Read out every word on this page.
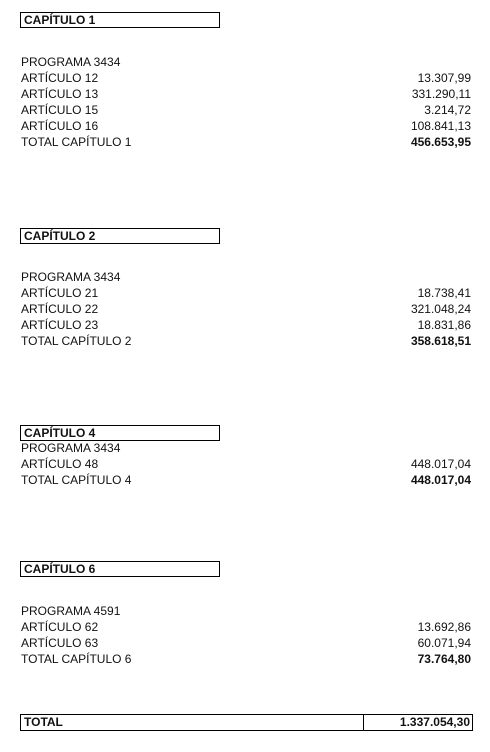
CAPÍTULO 1
PROGRAMA 3434
ARTÍCULO 12	13.307,99
ARTÍCULO 13	331.290,11
ARTÍCULO 15	3.214,72
ARTÍCULO 16	108.841,13
TOTAL CAPÍTULO 1	456.653,95
CAPÍTULO 2
PROGRAMA 3434
ARTÍCULO 21	18.738,41
ARTÍCULO 22	321.048,24
ARTÍCULO 23	18.831,86
TOTAL CAPÍTULO 2	358.618,51
CAPÍTULO 4
PROGRAMA 3434
ARTÍCULO 48	448.017,04
TOTAL CAPÍTULO 4	448.017,04
CAPÍTULO 6
PROGRAMA 4591
ARTÍCULO 62	13.692,86
ARTÍCULO 63	60.071,94
TOTAL CAPÍTULO 6	73.764,80
TOTAL	1.337.054,30
